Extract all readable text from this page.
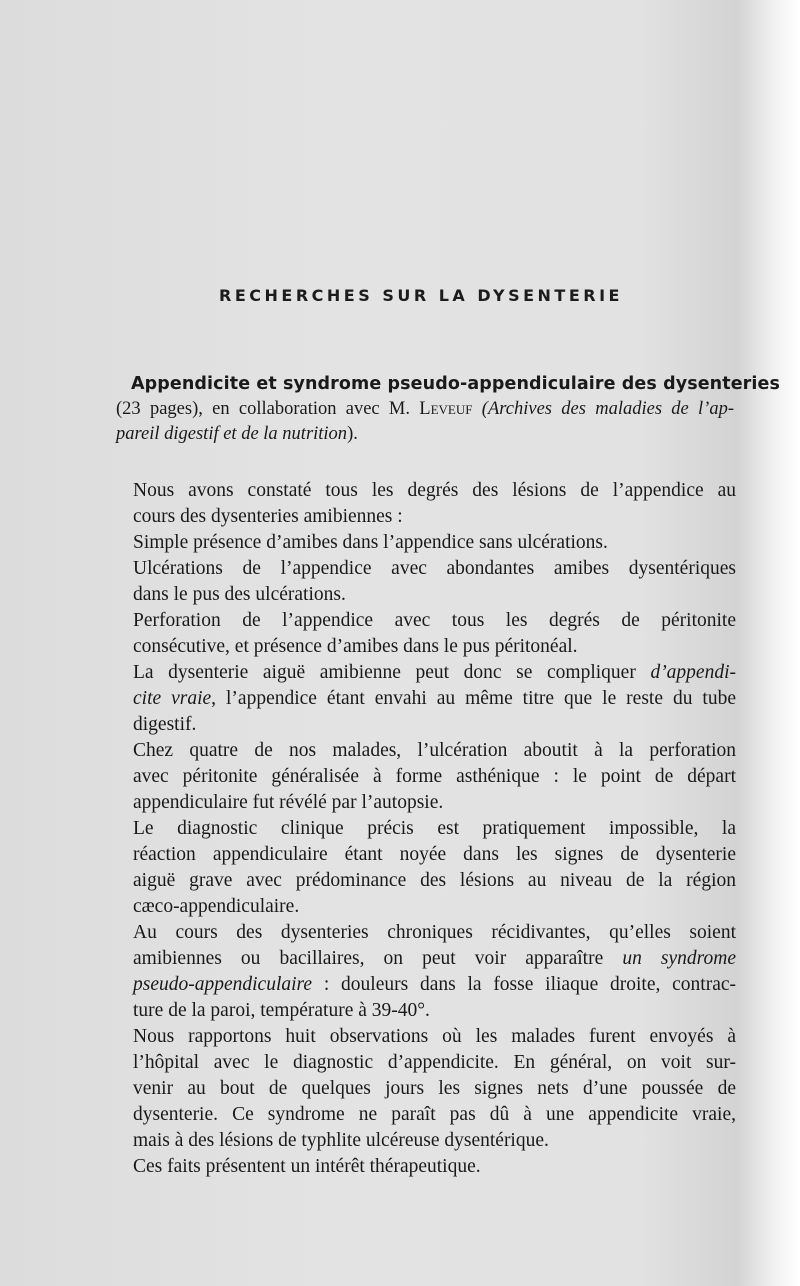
RECHERCHES SUR LA DYSENTERIE
Appendicite et syndrome pseudo-appendiculaire des dysenteries
(23 pages), en collaboration avec M. Leveuf (Archives des maladies de l’ap-
pareil digestif et de la nutrition).

Nous avons constaté tous les degrés des lésions de l’appendice au
cours des dysenteries amibiennes :

Simple présence d’amibes dans l’appendice sans ulcérations.

Ulcérations de l’appendice avec abondantes amibes dysentériques
dans le pus des ulcérations.

Perforation de l’appendice avec tous les degrés de péritonite
consécutive, et présence d’amibes dans le pus péritonéal.

La dysenterie aiguë amibienne peut donc se compliquer d’appendi-
cite vraie, l’appendice étant envahi au même titre que le reste du tube
digestif.

Chez quatre de nos malades, l’ulcération aboutit à la perforation
avec péritonite généralisée à forme asthénique : le point de départ
appendiculaire fut révélé par l’autopsie.

Le diagnostic clinique précis est pratiquement impossible, la
réaction appendiculaire étant noyée dans les signes de dysenterie
aiguë grave avec prédominance des lésions au niveau de la région
cæco-appendiculaire.

Au cours des dysenteries chroniques récidivantes, qu’elles soient
amibiennes ou bacillaires, on peut voir apparaître un syndrome
pseudo-appendiculaire : douleurs dans la fosse iliaque droite, contrac-
ture de la paroi, température à 39-40°.

Nous rapportons huit observations où les malades furent envoyés à
l’hôpital avec le diagnostic d’appendicite. En général, on voit sur-
venir au bout de quelques jours les signes nets d’une poussée de
dysenterie. Ce syndrome ne paraît pas dû à une appendicite vraie,
mais à des lésions de typhlite ulcéreuse dysentérique.

Ces faits présentent un intérêt thérapeutique.
